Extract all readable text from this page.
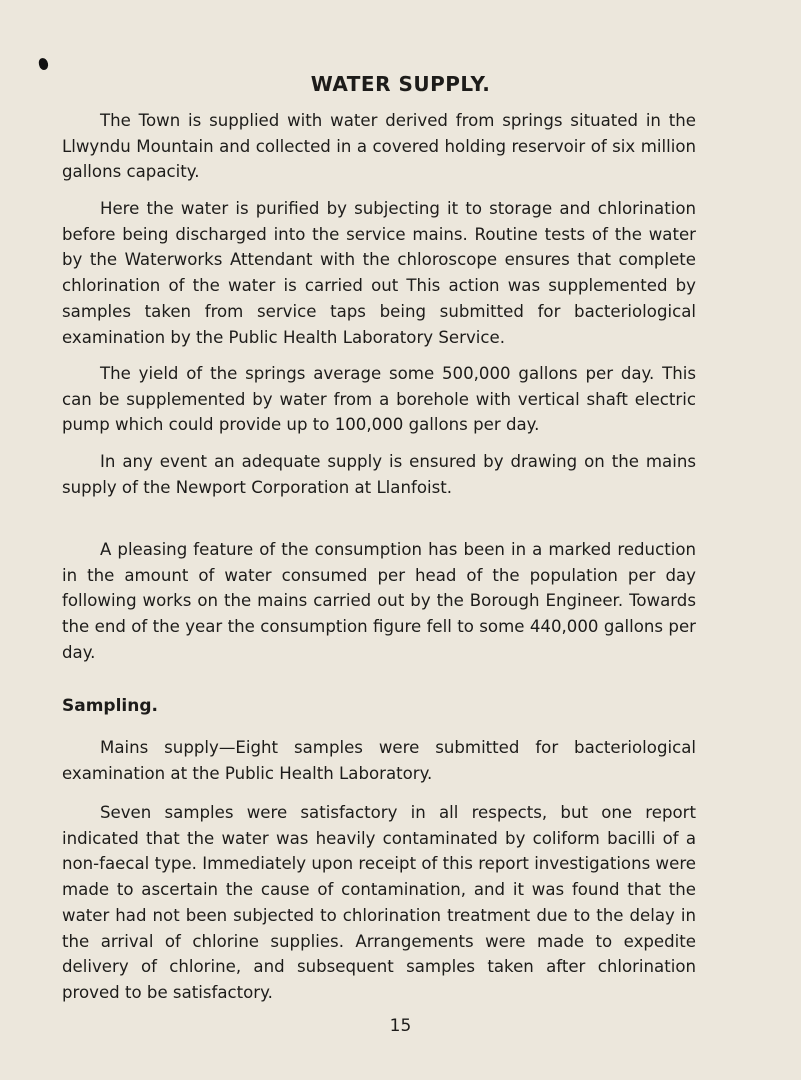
WATER SUPPLY.

The Town is supplied with water derived from springs situated in the Llwyndu Mountain and collected in a covered holding reservoir of six million gallons capacity.

Here the water is purified by subjecting it to storage and chlorination before being discharged into the service mains. Routine tests of the water by the Waterworks Attendant with the chloroscope ensures that complete chlorination of the water is carried out This action was supplemented by samples taken from service taps being submitted for bacteriological examination by the Public Health Laboratory Service.

The yield of the springs average some 500,000 gallons per day. This can be supplemented by water from a borehole with vertical shaft electric pump which could provide up to 100,000 gallons per day.

In any event an adequate supply is ensured by drawing on the mains supply of the Newport Corporation at Llanfoist.

A pleasing feature of the consumption has been in a marked reduction in the amount of water consumed per head of the population per day following works on the mains carried out by the Borough Engineer. Towards the end of the year the consumption figure fell to some 440,000 gallons per day.

Sampling.

Mains supply—Eight samples were submitted for bacteriological examination at the Public Health Laboratory.

Seven samples were satisfactory in all respects, but one report indicated that the water was heavily contaminated by coliform bacilli of a non-faecal type. Immediately upon receipt of this report investigations were made to ascertain the cause of contamination, and it was found that the water had not been subjected to chlorination treatment due to the delay in the arrival of chlorine supplies. Arrangements were made to expedite delivery of chlorine, and subsequent samples taken after chlorination proved to be satisfactory.

15
